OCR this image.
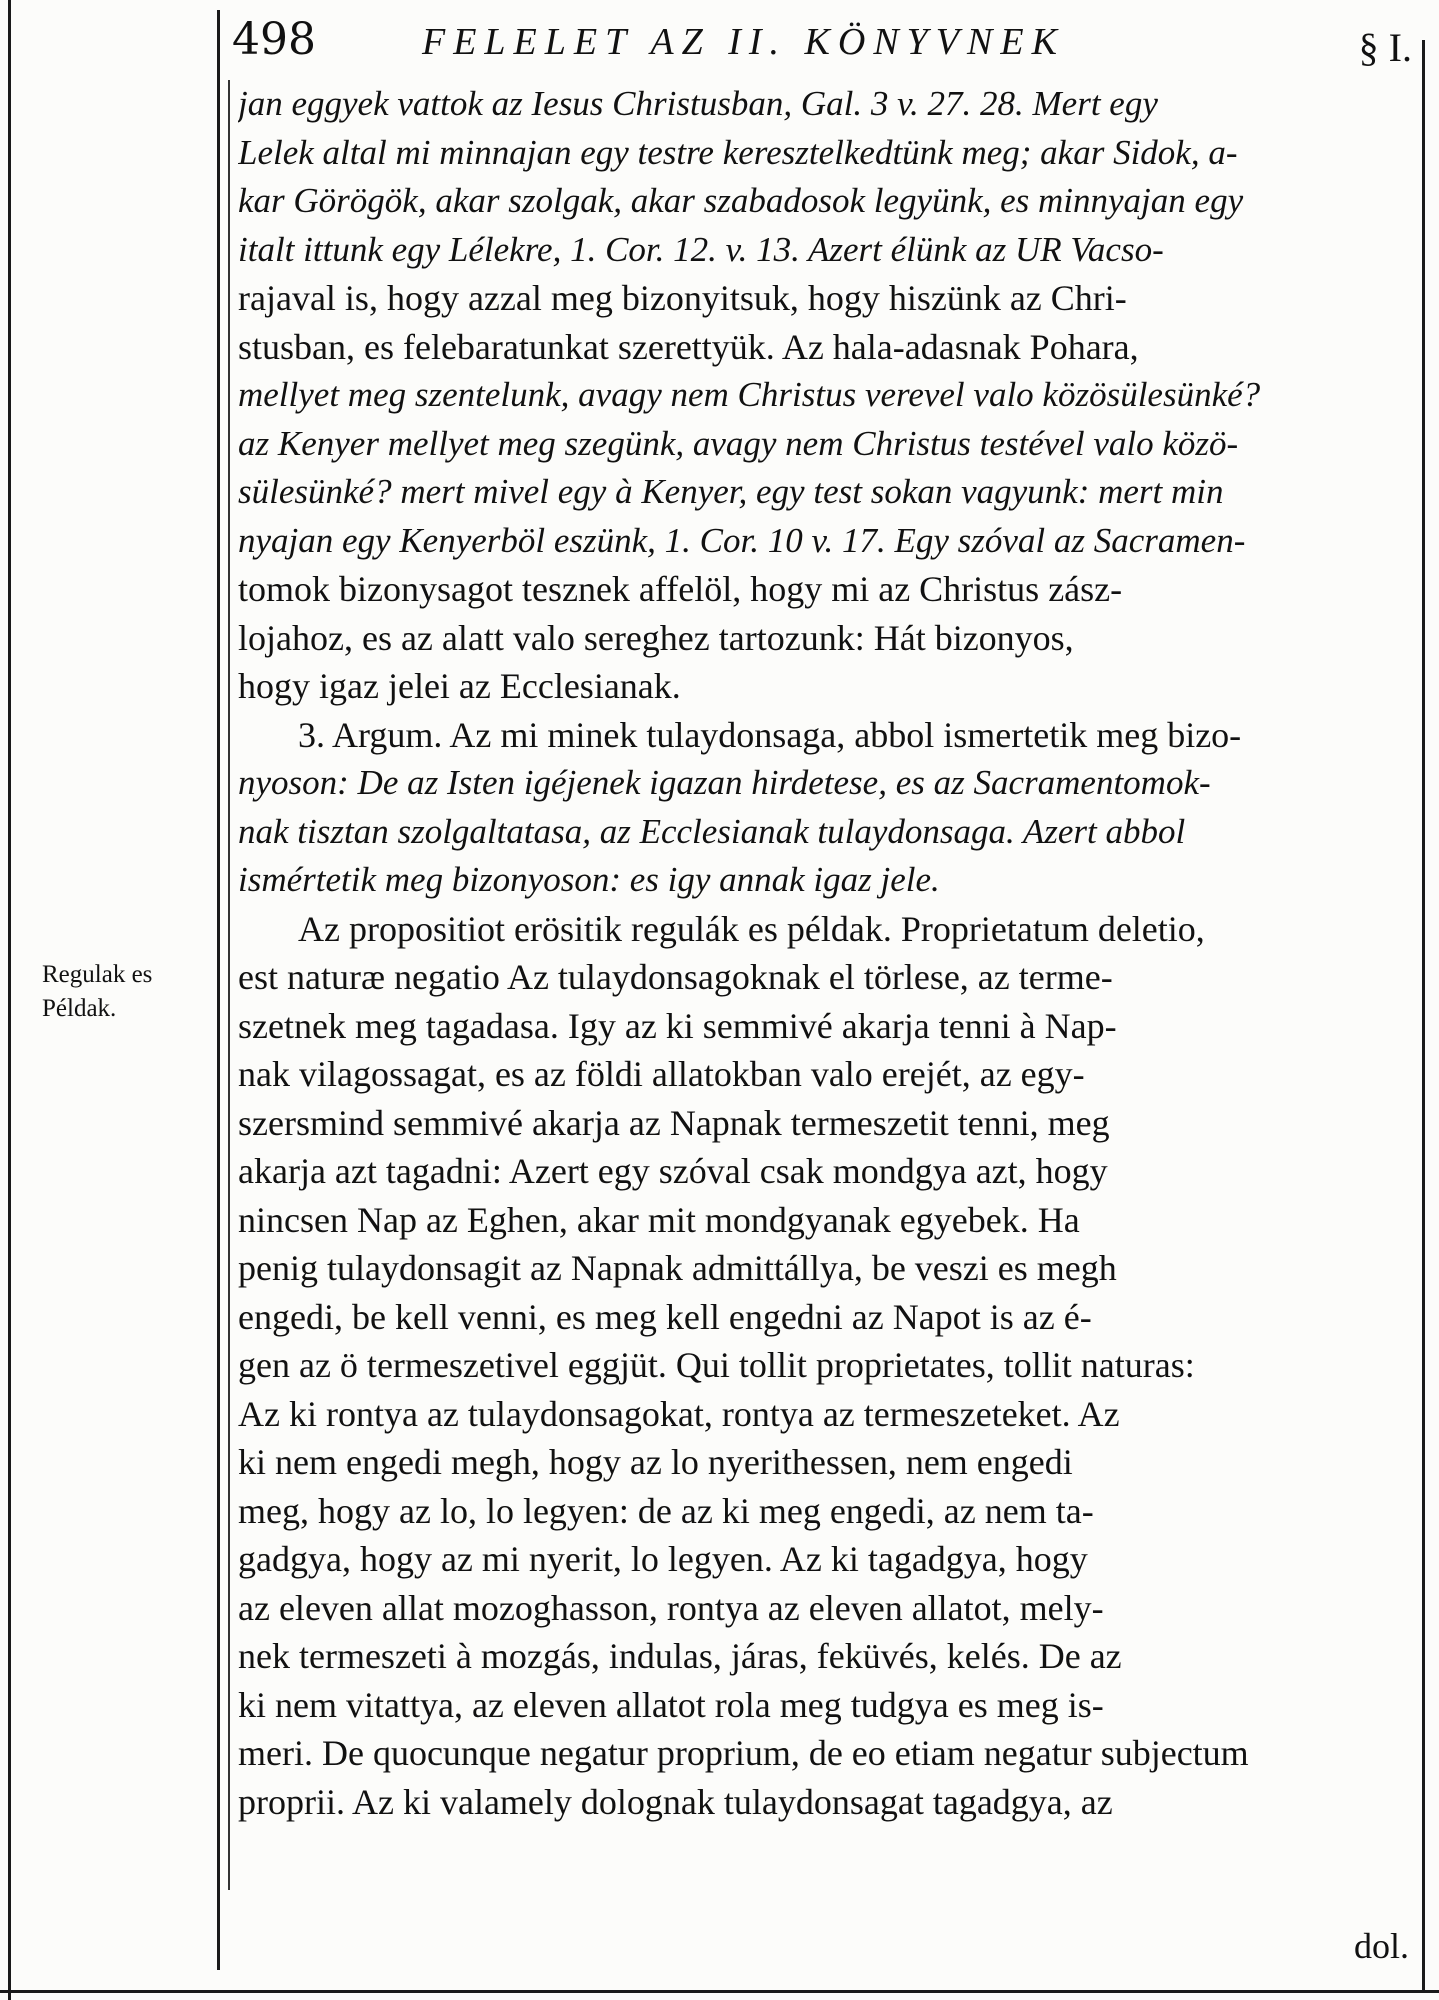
498	FELELET AZ II. KÖNYVNEK	§ I.
Regulak es Példak.
jan eggyek vattok az Iesus Christusban, Gal. 3 v. 27. 28. Mert egy
Lelek altal mi minnajan egy testre keresztelkedtünk meg; akar Sidok, a-
kar Görögök, akar szolgak, akar szabadosok legyünk, es minnyajan egy
italt ittunk egy Lélekre, 1. Cor. 12. v. 13. Azert élünk az UR Vacso-
rajaval is, hogy azzal meg bizonyitsuk, hogy hiszünk az Chri-
stusban, es felebaratunkat szerettyük. Az hala-adasnak Pohara,
mellyet meg szentelunk, avagy nem Christus verevel valo közösülesünké?
az Kenyer mellyet meg szegünk, avagy nem Christus testével valo közö-
sülesünké? mert mivel egy à Kenyer, egy test sokan vagyunk: mert min
nyajan egy Kenyerböl eszünk, 1. Cor. 10 v. 17. Egy szóval az Sacramen-
tomok bizonysagot tesznek affelöl, hogy mi az Christus zász-
lojahoz, es az alatt valo sereghez tartozunk: Hát bizonyos,
hogy igaz jelei az Ecclesianak.
3. Argum. Az mi minek tulaydonsaga, abbol ismertetik meg bizo-
nyoson: De az Isten igéjenek igazan hirdetese, es az Sacramentomok-
nak tisztan szolgaltatasa, az Ecclesianak tulaydonsaga. Azert abbol
ismértetik meg bizonyoson: es igy annak igaz jele.
Az propositiot erösitik regulák es példak. Proprietatum deletio,
est naturæ negatio Az tulaydonsagoknak el törlese, az terme-
szetnek meg tagadasa. Igy az ki semmivé akarja tenni à Nap-
nak vilagossagat, es az földi allatokban valo erejét, az egy-
szersmind semmivé akarja az Napnak termeszetit tenni, meg
akarja azt tagadni: Azert egy szóval csak mondgya azt, hogy
nincsen Nap az Eghen, akar mit mondgyanak egyebek. Ha
penig tulaydonsagit az Napnak admittállya, be veszi es megh
engedi, be kell venni, es meg kell engedni az Napot is az é-
gen az ö termeszetivel eggjüt. Qui tollit proprietates, tollit naturas:
Az ki rontya az tulaydonsagokat, rontya az termeszeteket. Az
ki nem engedi megh, hogy az lo nyerithessen, nem engedi
meg, hogy az lo, lo legyen: de az ki meg engedi, az nem ta-
gadgya, hogy az mi nyerit, lo legyen. Az ki tagadgya, hogy
az eleven allat mozoghasson, rontya az eleven allatot, mely-
nek termeszeti à mozgás, indulas, járas, feküvés, kelés. De az
ki nem vitattya, az eleven allatot rola meg tudgya es meg is-
meri. De quocunque negatur proprium, de eo etiam negatur subjectum
proprii. Az ki valamely dolognak tulaydonsagat tagadgya, az
dol.
